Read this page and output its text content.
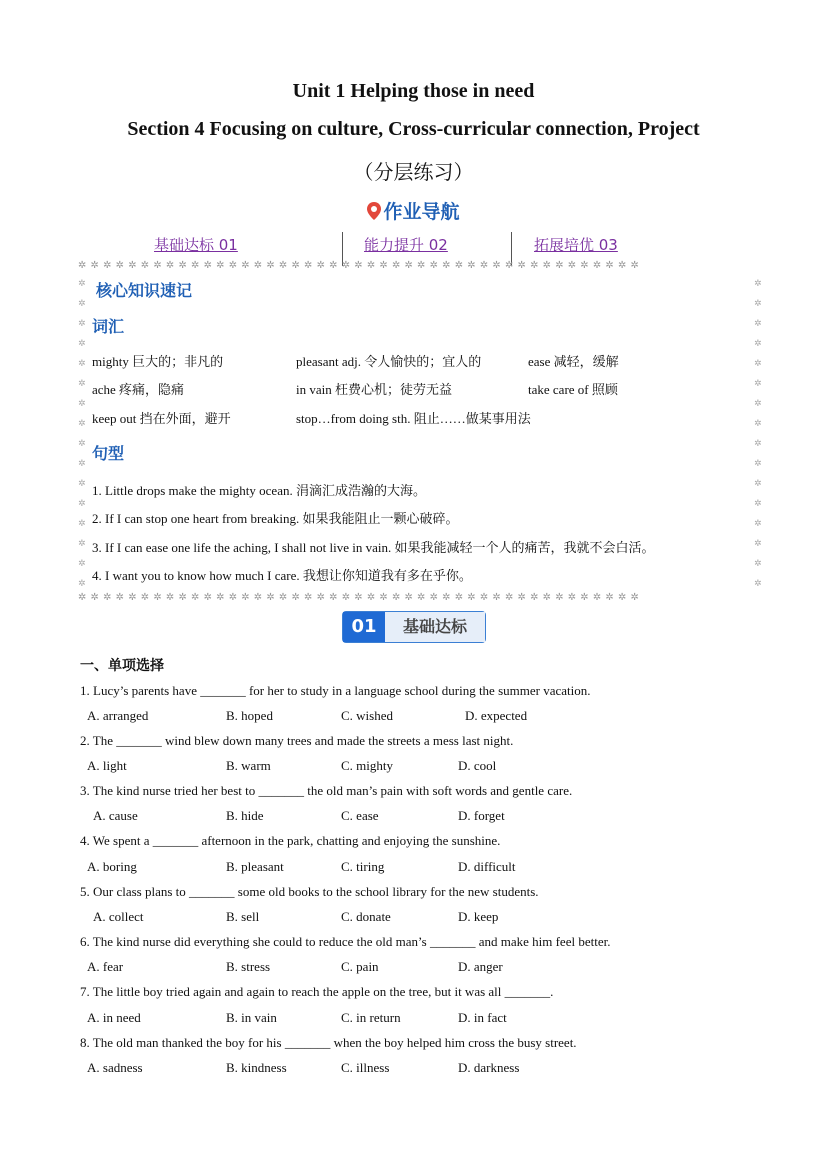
Unit 1 Helping those in need
Section 4 Focusing on culture, Cross-curricular connection, Project
（分层练习）
作业导航
基础达标 01	能力提升 02	拓展培优 03
✲ ✲ ✲ ✲ ✲ ✲ ✲ ✲ ✲ ✲ ✲ ✲ ✲ ✲ ✲ ✲ ✲ ✲ ✲ ✲ ✲ ✲ ✲ ✲ ✲ ✲ ✲ ✲ ✲ ✲ ✲ ✲ ✲ ✲ ✲ ✲ ✲ ✲ ✲ ✲ ✲ ✲ ✲ ✲ ✲
✲ ✲ ✲ ✲ ✲ ✲ ✲ ✲ ✲ ✲ ✲ ✲ ✲ ✲ ✲ ✲ ✲ ✲ ✲ ✲ ✲ ✲ ✲ ✲ ✲ ✲ ✲ ✲ ✲ ✲ ✲ ✲ ✲ ✲ ✲ ✲ ✲ ✲ ✲ ✲ ✲ ✲ ✲ ✲ ✲
✲
✲
✲
✲
✲
✲
✲
✲
✲
✲
✲
✲
✲
✲
✲
✲
✲
✲
✲
✲
✲
✲
✲
✲
✲
✲
✲
✲
✲
✲
✲
✲
核心知识速记
词汇
mighty 巨大的；非凡的	pleasant adj. 令人愉快的；宜人的	ease 减轻，缓解
ache 疼痛，隐痛	in vain 枉费心机；徒劳无益	take care of 照顾
keep out 挡在外面，避开	stop…from doing sth. 阻止……做某事用法
句型
1. Little drops make the mighty ocean. 涓滴汇成浩瀚的大海。
2. If I can stop one heart from breaking. 如果我能阻止一颗心破碎。
3. If I can ease one life the aching, I shall not live in vain. 如果我能减轻一个人的痛苦，我就不会白活。
4. I want you to know how much I care. 我想让你知道我有多在乎你。
01	基础达标
一、单项选择
1. Lucy’s parents have _______ for her to study in a language school during the summer vacation.
A. arranged	B. hoped	C. wished	D. expected
2. The _______ wind blew down many trees and made the streets a mess last night.
A. light	B. warm	C. mighty	D. cool
3. The kind nurse tried her best to _______ the old man’s pain with soft words and gentle care.
A. cause	B. hide	C. ease	D. forget
4. We spent a _______ afternoon in the park, chatting and enjoying the sunshine.
A. boring	B. pleasant	C. tiring	D. difficult
5. Our class plans to _______ some old books to the school library for the new students.
A. collect	B. sell	C. donate	D. keep
6. The kind nurse did everything she could to reduce the old man’s _______ and make him feel better.
A. fear	B. stress	C. pain	D. anger
7. The little boy tried again and again to reach the apple on the tree, but it was all _______.
A. in need	B. in vain	C. in return	D. in fact
8. The old man thanked the boy for his _______ when the boy helped him cross the busy street.
A. sadness	B. kindness	C. illness	D. darkness
